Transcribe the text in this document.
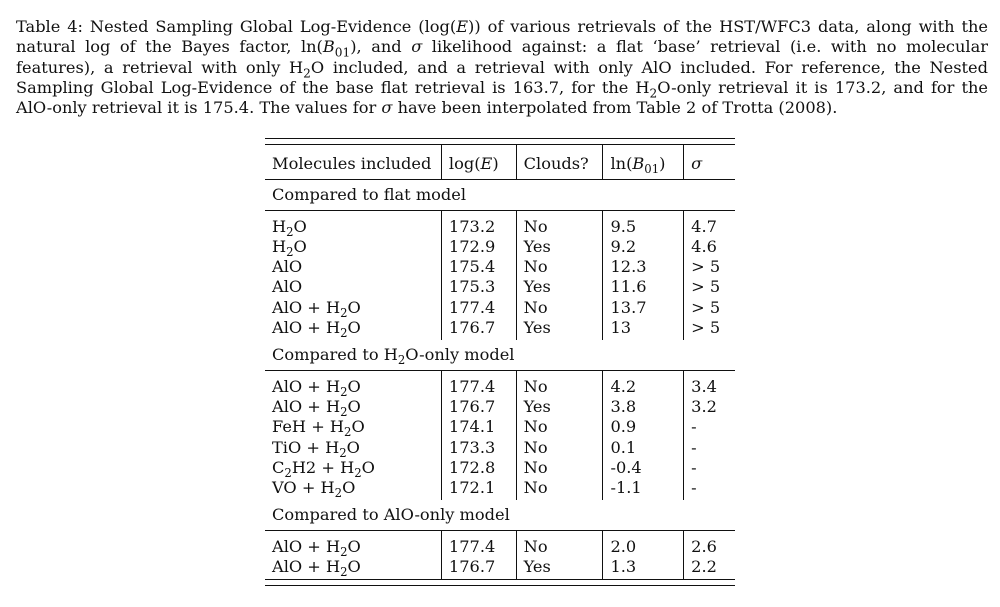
Table 4: Nested Sampling Global Log-Evidence (log(E)) of various retrievals of the HST/WFC3 data, along with the natural log of the Bayes factor, $\ln(B_{01})$, and σ likelihood against: a flat ‘base’ retrieval (i.e. with no molecular features), a retrieval with only $H_2O$ included, and a retrieval with only AlO included. For reference, the Nested Sampling Global Log-Evidence of the base flat retrieval is 163.7, for the $H_2O$-only retrieval it is 173.2, and for the AlO-only retrieval it is 175.4. The values for σ have been interpolated from Table 2 of Trotta (2008).

Molecules included	log(E)	Clouds?	$\ln(B_{01})$	σ
Compared to flat model				

$H_2O$	173.2	No	9.5	4.7
$H_2O$	172.9	Yes	9.2	4.6
AlO	175.4	No	12.3	> 5
AlO	175.3	Yes	11.6	> 5
AlO + $H_2O$	177.4	No	13.7	> 5
AlO + $H_2O$	176.7	Yes	13	> 5
Compared to $H_2O$-only model				

AlO + $H_2O$	177.4	No	4.2	3.4
AlO + $H_2O$	176.7	Yes	3.8	3.2
FeH + $H_2O$	174.1	No	0.9	-
TiO + $H_2O$	173.3	No	0.1	-
$C_2H2 + H_2O$	172.8	No	-0.4	-
VO + $H_2O$	172.1	No	-1.1	-
Compared to AlO-only model				

AlO + $H_2O$	177.4	No	2.0	2.6
AlO + $H_2O$	176.7	Yes	1.3	2.2
